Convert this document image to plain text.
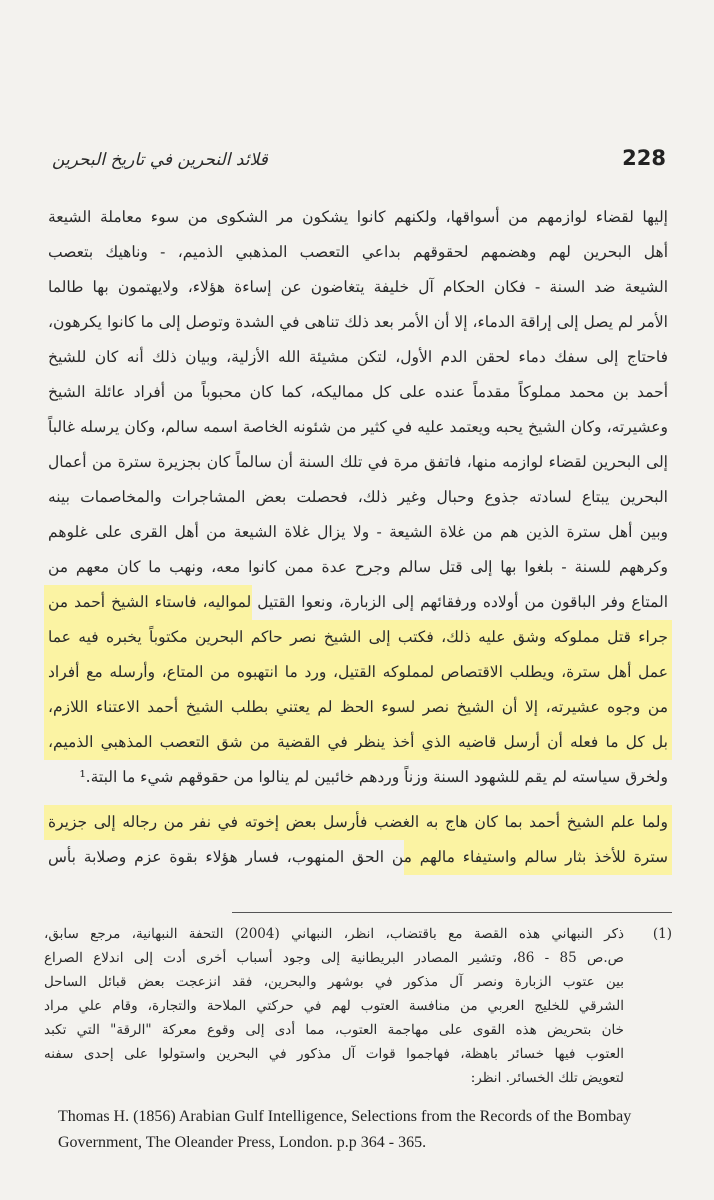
قلائد النحرين في تاريخ البحرين	228
إليها لقضاء لوازمهم من أسواقها، ولكنهم كانوا يشكون مر الشكوى من سوء معاملة الشيعة
أهل البحرين لهم وهضمهم لحقوقهم بداعي التعصب المذهبي الذميم، - وناهيك بتعصب
الشيعة ضد السنة - فكان الحكام آل خليفة يتغاضون عن إساءة هؤلاء، ولايهتمون بها طالما
الأمر لم يصل إلى إراقة الدماء، إلا أن الأمر بعد ذلك تناهى في الشدة وتوصل إلى ما كانوا يكرهون،
فاحتاج إلى سفك دماء لحقن الدم الأول، لتكن مشيئة الله الأزلية، وبيان ذلك أنه كان للشيخ
أحمد بن محمد مملوكاً مقدماً عنده على كل مماليكه، كما كان محبوباً من أفراد عائلة الشيخ
وعشيرته، وكان الشيخ يحبه ويعتمد عليه في كثير من شئونه الخاصة اسمه سالم، وكان يرسله غالباً
إلى البحرين لقضاء لوازمه منها، فاتفق مرة في تلك السنة أن سالماً كان بجزيرة سترة من أعمال
البحرين يبتاع لسادته جذوع وحبال وغير ذلك، فحصلت بعض المشاجرات والمخاصمات بينه
وبين أهل سترة الذين هم من غلاة الشيعة - ولا يزال غلاة الشيعة من أهل القرى على غلوهم
وكرههم للسنة - بلغوا بها إلى قتل سالم وجرح عدة ممن كانوا معه، ونهب ما كان معهم من
المتاع وفر الباقون من أولاده ورفقائهم إلى الزبارة، ونعوا القتيل لمواليه، فاستاء الشيخ أحمد من
جراء قتل مملوكه وشق عليه ذلك، فكتب إلى الشيخ نصر حاكم البحرين مكتوباً يخبره فيه عما
عمل أهل سترة، ويطلب الاقتصاص لمملوكه القتيل، ورد ما انتهبوه من المتاع، وأرسله مع أفراد
من وجوه عشيرته، إلا أن الشيخ نصر لسوء الحظ لم يعتني بطلب الشيخ أحمد الاعتناء اللازم،
بل كل ما فعله أن أرسل قاضيه الذي أخذ ينظر في القضية من شق التعصب المذهبي الذميم،
ولخرق سياسته لم يقم للشهود السنة وزناً وردهم خائبين لم ينالوا من حقوقهم شيء ما البتة.¹
ولما علم الشيخ أحمد بما كان هاج به الغضب فأرسل بعض إخوته في نفر من رجاله إلى جزيرة
سترة للأخذ بثار سالم واستيفاء مالهم من الحق المنهوب، فسار هؤلاء بقوة عزم وصلابة بأس
(1)
ذكر النبهاني هذه القصة مع باقتضاب، انظر، النبهاني (2004) التحفة النبهانية، مرجع سابق،
ص.ص 85 - 86، وتشير المصادر البريطانية إلى وجود أسباب أخرى أدت إلى اندلاع الصراع
بين عتوب الزبارة ونصر آل مذكور في بوشهر والبحرين، فقد انزعجت بعض قبائل الساحل
الشرقي للخليج العربي من منافسة العتوب لهم في حركتي الملاحة والتجارة، وقام علي مراد
خان بتحريض هذه القوى على مهاجمة العتوب، مما أدى إلى وقوع معركة "الرقة" التي تكبد
العتوب فيها خسائر باهظة، فهاجموا قوات آل مذكور في البحرين واستولوا على إحدى سفنه
لتعويض تلك الخسائر. انظر:
Thomas H. (1856) Arabian Gulf Intelligence, Selections from the Records of the Bombay Government, The Oleander Press, London. p.p 364 - 365.
